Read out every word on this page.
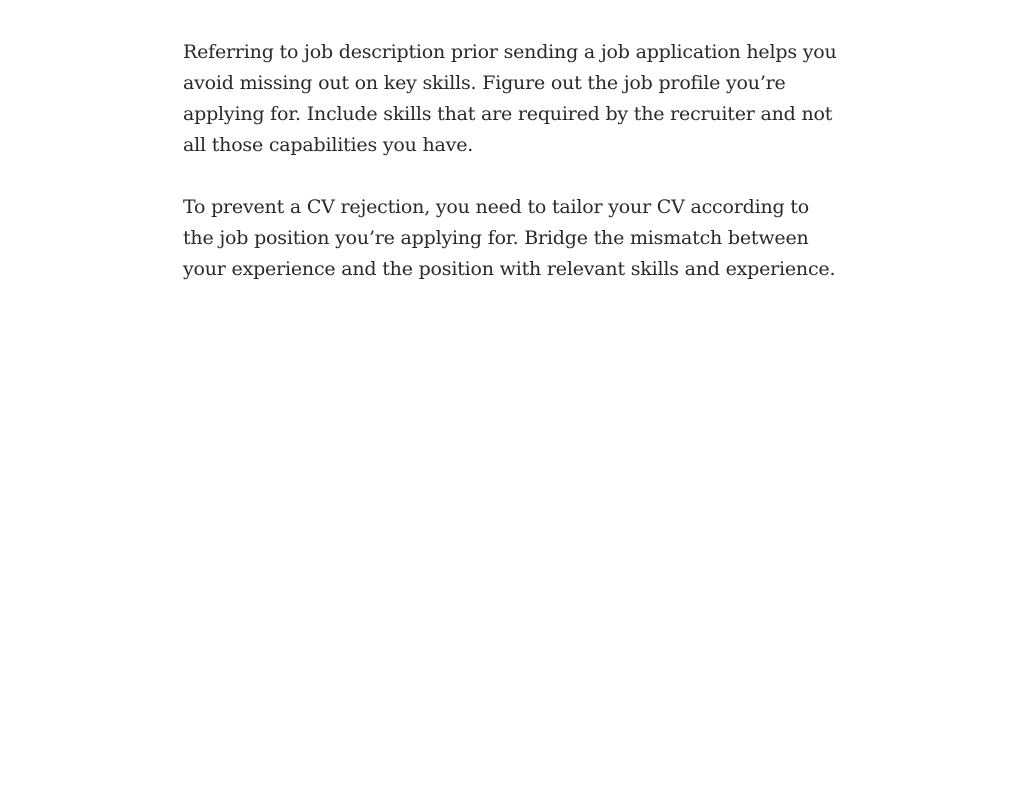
Referring to job description prior sending a job application helps you avoid missing out on key skills. Figure out the job profile you’re applying for. Include skills that are required by the recruiter and not all those capabilities you have.

To prevent a CV rejection, you need to tailor your CV according to the job position you’re applying for. Bridge the mismatch between your experience and the position with relevant skills and experience.
